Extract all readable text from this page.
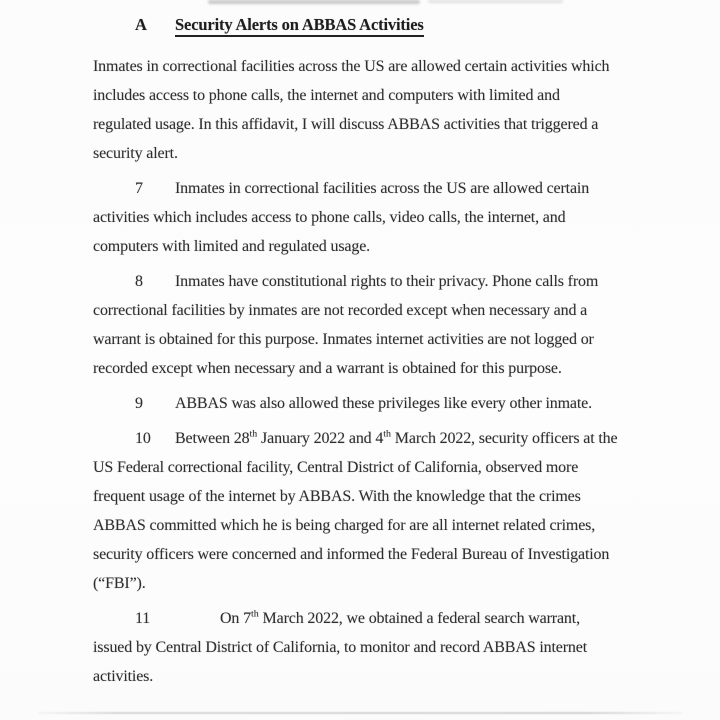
A Security Alerts on ABBAS Activities
Inmates in correctional facilities across the US are allowed certain activities which
includes access to phone calls, the internet and computers with limited and
regulated usage. In this affidavit, I will discuss ABBAS activities that triggered a
security alert.
7 Inmates in correctional facilities across the US are allowed certain
activities which includes access to phone calls, video calls, the internet, and
computers with limited and regulated usage.
8 Inmates have constitutional rights to their privacy. Phone calls from
correctional facilities by inmates are not recorded except when necessary and a
warrant is obtained for this purpose. Inmates internet activities are not logged or
recorded except when necessary and a warrant is obtained for this purpose.
9 ABBAS was also allowed these privileges like every other inmate.
10 Between 28th January 2022 and 4th March 2022, security officers at the
US Federal correctional facility, Central District of California, observed more
frequent usage of the internet by ABBAS. With the knowledge that the crimes
ABBAS committed which he is being charged for are all internet related crimes,
security officers were concerned and informed the Federal Bureau of Investigation
(“FBI”).
11	On 7th March 2022, we obtained a federal search warrant,
issued by Central District of California, to monitor and record ABBAS internet
activities.
